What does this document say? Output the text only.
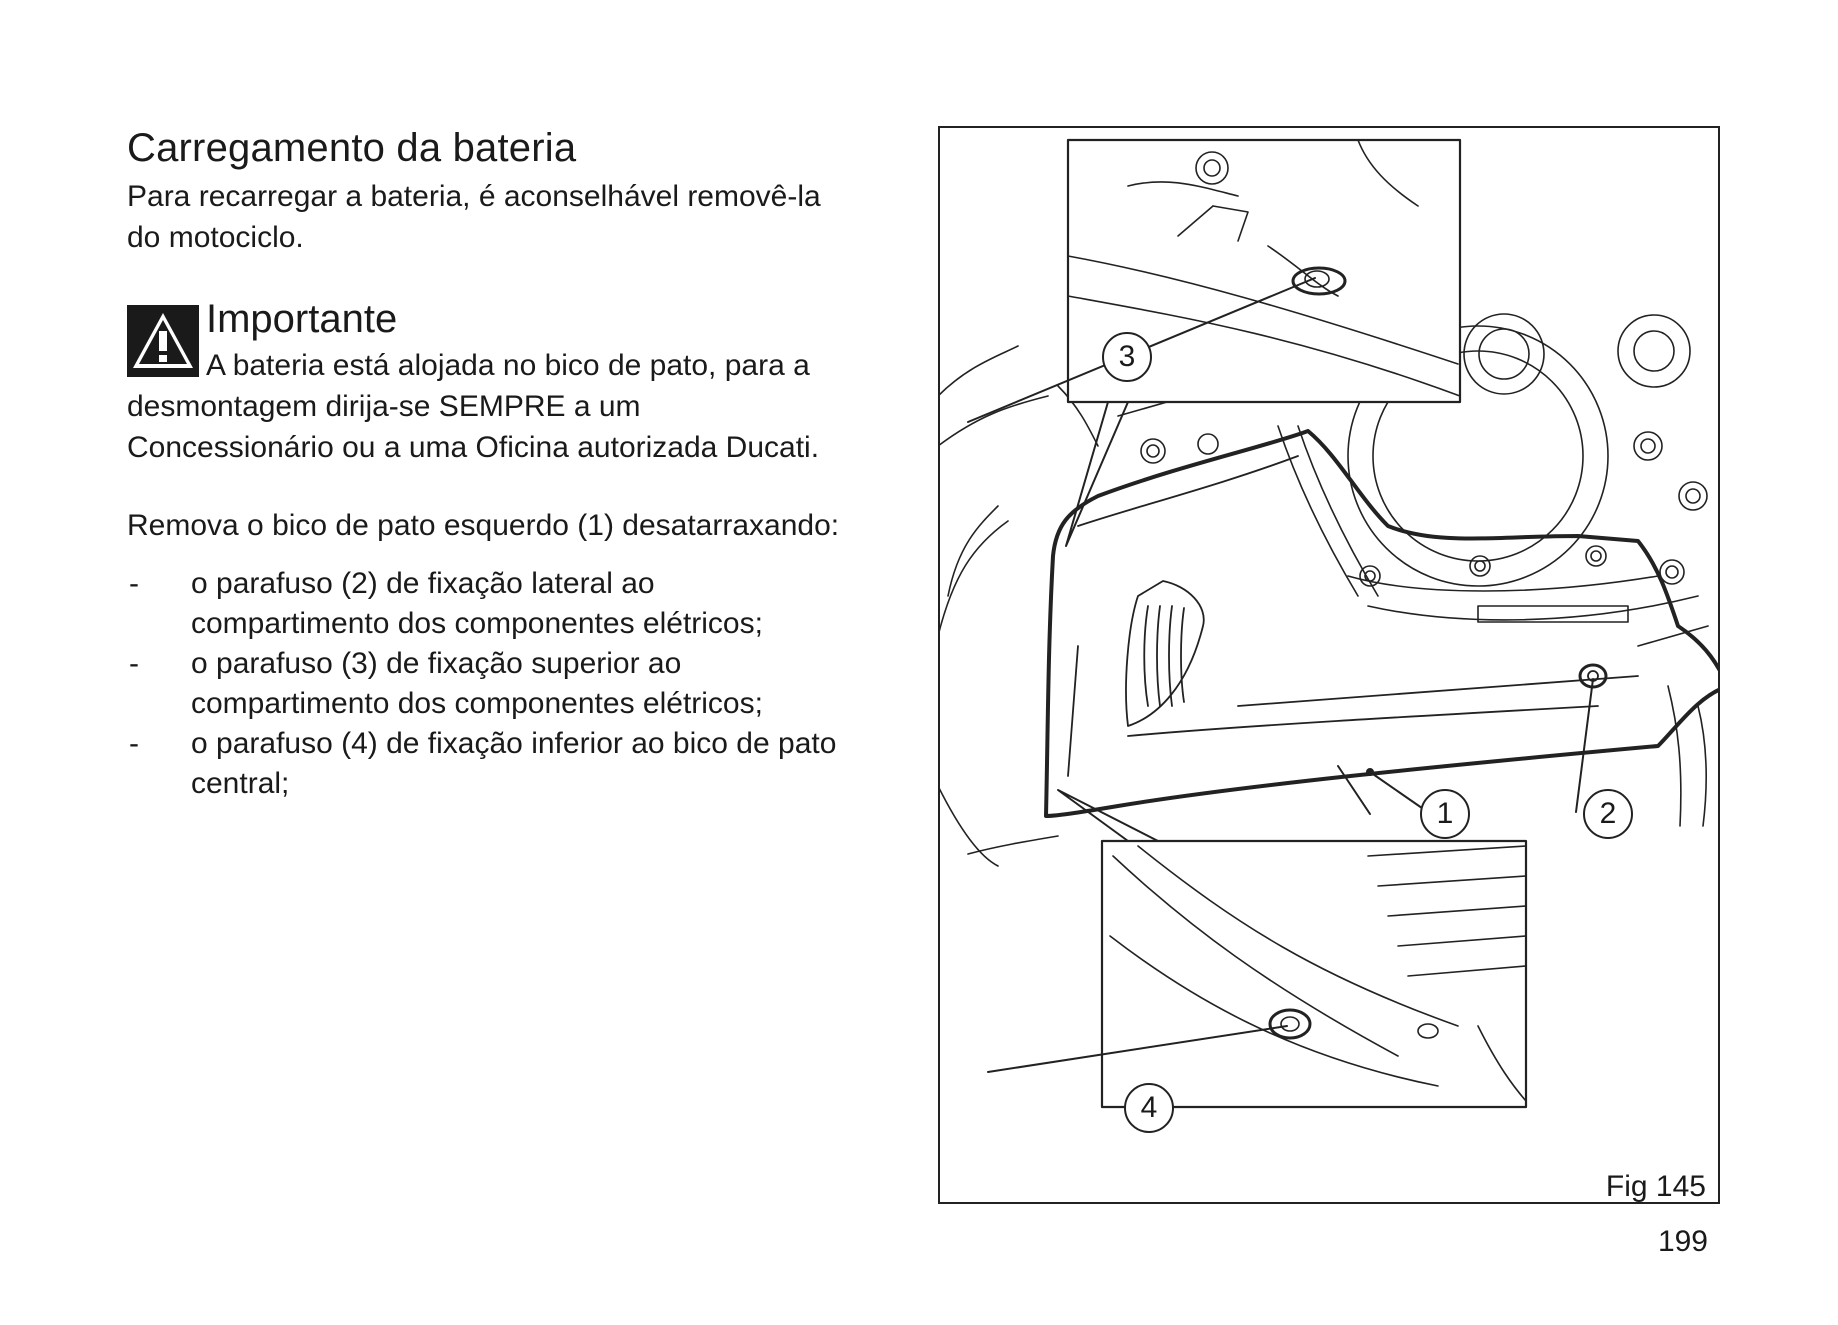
Carregamento da bateria
Para recarregar a bateria, é aconselhável removê-la
do motociclo.
Importante
A bateria está alojada no bico de pato, para a
desmontagem dirija-se SEMPRE a um
Concessionário ou a uma Oficina autorizada Ducati.
Remova o bico de pato esquerdo (1) desatarraxando:
- o parafuso (2) de fixação lateral ao
compartimento dos componentes elétricos;
- o parafuso (3) de fixação superior ao
compartimento dos componentes elétricos;
- o parafuso (4) de fixação inferior ao bico de pato
central;
3
1	2
4
Fig 145
199
